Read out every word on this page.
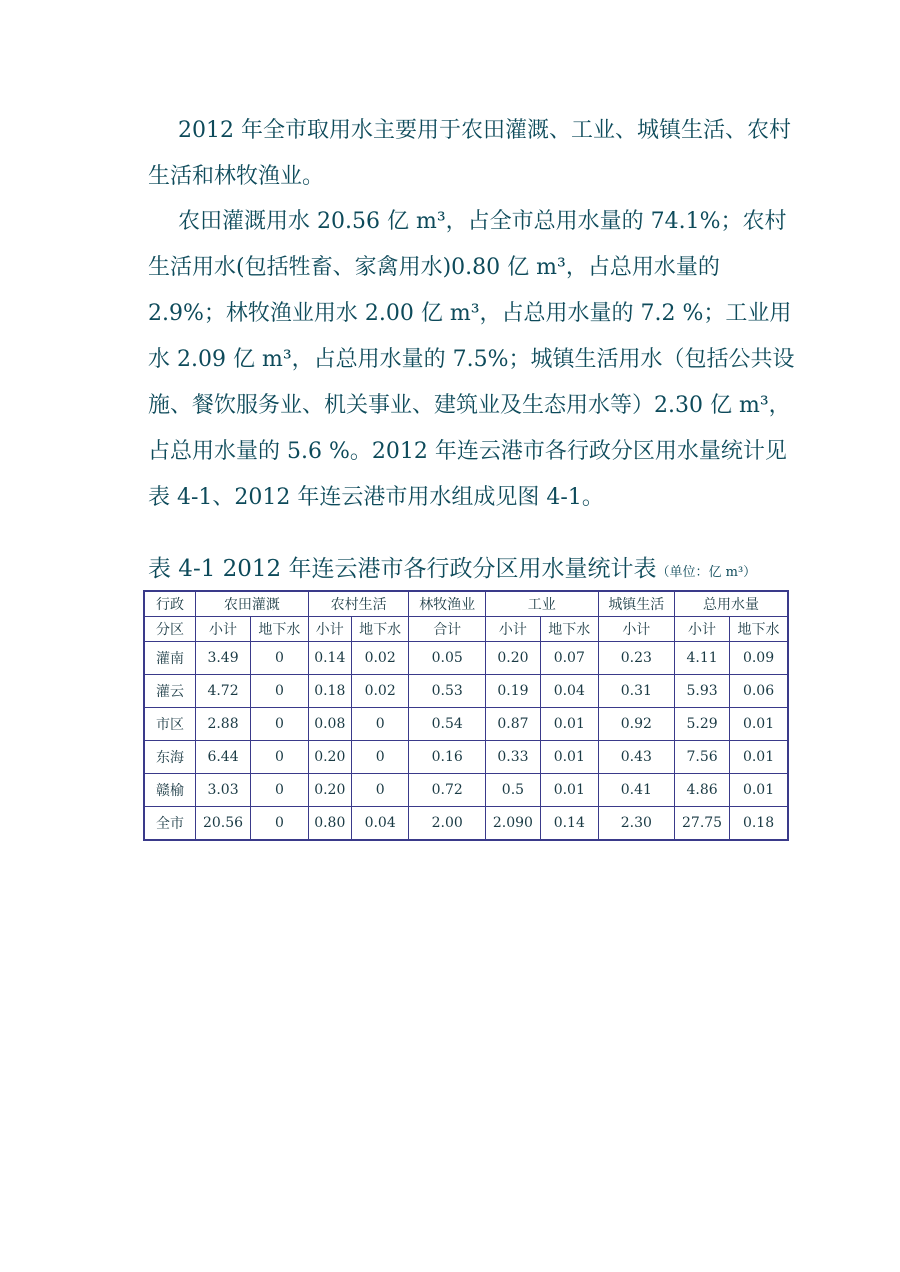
2012 年全市取用水主要用于农田灌溉、工业、城镇生活、农村生活和林牧渔业。

农田灌溉用水 20.56 亿 m³，占全市总用水量的 74.1%；农村生活用水(包括牲畜、家禽用水)0.80 亿 m³，占总用水量的 2.9%；林牧渔业用水 2.00 亿 m³，占总用水量的 7.2 %；工业用水 2.09 亿 m³，占总用水量的 7.5%；城镇生活用水（包括公共设施、餐饮服务业、机关事业、建筑业及生态用水等）2.30 亿 m³，占总用水量的 5.6 %。2012 年连云港市各行政分区用水量统计见表 4-1、2012 年连云港市用水组成见图 4-1。

表 4-1 2012 年连云港市各行政分区用水量统计表（单位：亿 m³）
行政	农田灌溉		农村生活		林牧渔业	工业		城镇生活	总用水量	
分区	小计	地下水	小计	地下水	合计	小计	地下水	小计	小计	地下水
灌南	3.49	0	0.14	0.02	0.05	0.20	0.07	0.23	4.11	0.09
灌云	4.72	0	0.18	0.02	0.53	0.19	0.04	0.31	5.93	0.06
市区	2.88	0	0.08	0	0.54	0.87	0.01	0.92	5.29	0.01
东海	6.44	0	0.20	0	0.16	0.33	0.01	0.43	7.56	0.01
赣榆	3.03	0	0.20	0	0.72	0.5	0.01	0.41	4.86	0.01
全市	20.56	0	0.80	0.04	2.00	2.090	0.14	2.30	27.75	0.18
